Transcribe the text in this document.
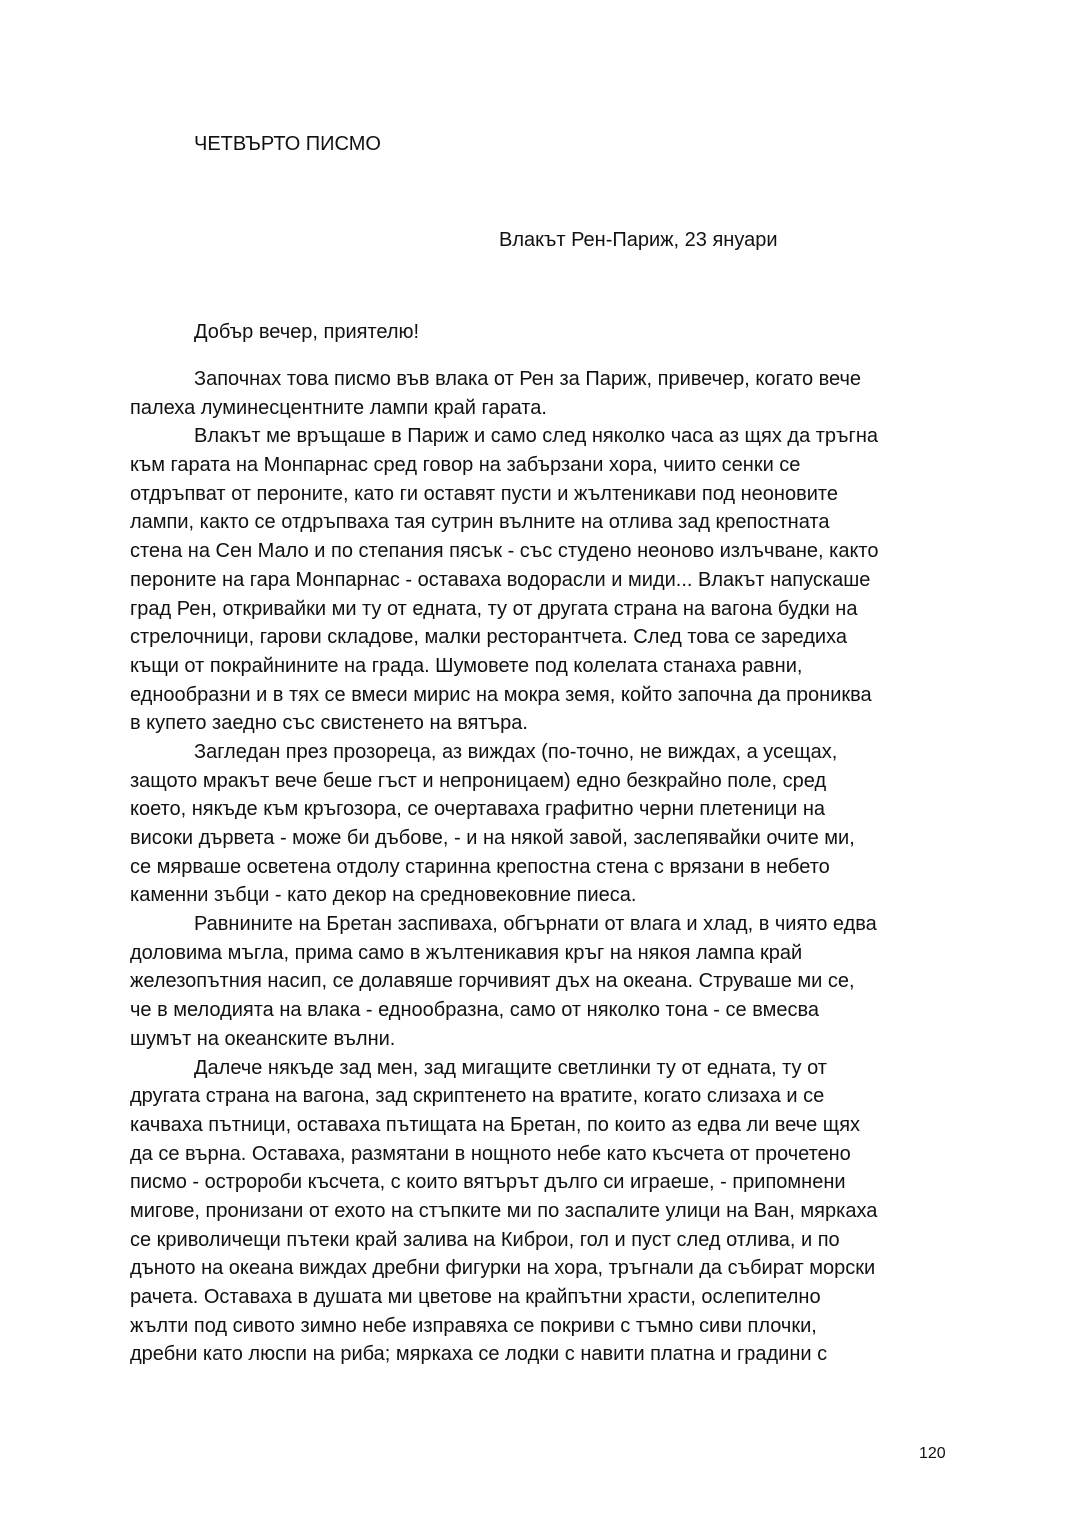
ЧЕТВЪРТО ПИСМО
Влакът Рен-Париж, 23 януари
Добър вечер, приятелю!
Започнах това писмо във влака от Рен за Париж, привечер, когато вече
палеха луминесцентните лампи край гарата.
Влакът ме връщаше в Париж и само след няколко часа аз щях да тръгна
към гарата на Монпарнас сред говор на забързани хора, чиито сенки се
отдръпват от пероните, като ги оставят пусти и жълтеникави под неоновите
лампи, както се отдръпваха тая сутрин вълните на отлива зад крепостната
стена на Сен Мало и по степания пясък - със студено неоново излъчване, както
пероните на гара Монпарнас - оставаха водорасли и миди... Влакът напускаше
град Рен, откривайки ми ту от едната, ту от другата страна на вагона будки на
стрелочници, гарови складове, малки ресторантчета. След това се заредиха
къщи от покрайнините на града. Шумовете под колелата станаха равни,
еднообразни и в тях се вмеси мирис на мокра земя, който започна да прониква
в купето заедно със свистенето на вятъра.
Загледан през прозореца, аз виждах (по-точно, не виждах, а усещах,
защото мракът вече беше гъст и непроницаем) едно безкрайно поле, сред
което, някъде към кръгозора, се очертаваха графитно черни плетеници на
високи дървета - може би дъбове, - и на някой завой, заслепявайки очите ми,
се мярваше осветена отдолу старинна крепостна стена с врязани в небето
каменни зъбци - като декор на средновековние пиеса.
Равнините на Бретан заспиваха, обгърнати от влага и хлад, в чиято едва
доловима мъгла, прима само в жълтеникавия кръг на някоя лампа край
железопътния насип, се долавяше горчивият дъх на океана. Струваше ми се,
че в мелодията на влака - еднообразна, само от няколко тона - се вмесва
шумът на океанските вълни.
Далече някъде зад мен, зад мигащите светлинки ту от едната, ту от
другата страна на вагона, зад скриптенето на вратите, когато слизаха и се
качваха пътници, оставаха пътищата на Бретан, по които аз едва ли вече щях
да се върна. Оставаха, размятани в нощното небе като късчета от прочетено
писмо - остророби късчета, с които вятърът дълго си играеше, - припомнени
мигове, пронизани от ехото на стъпките ми по заспалите улици на Ван, мяркаха
се криволичещи пътеки край залива на Киброи, гол и пуст след отлива, и по
дъното на океана виждах дребни фигурки на хора, тръгнали да събират морски
рачета. Оставаха в душата ми цветове на крайпътни храсти, ослепително
жълти под сивото зимно небе изправяха се покриви с тъмно сиви плочки,
дребни като люспи на риба; мяркаха се лодки с навити платна и градини с
120
